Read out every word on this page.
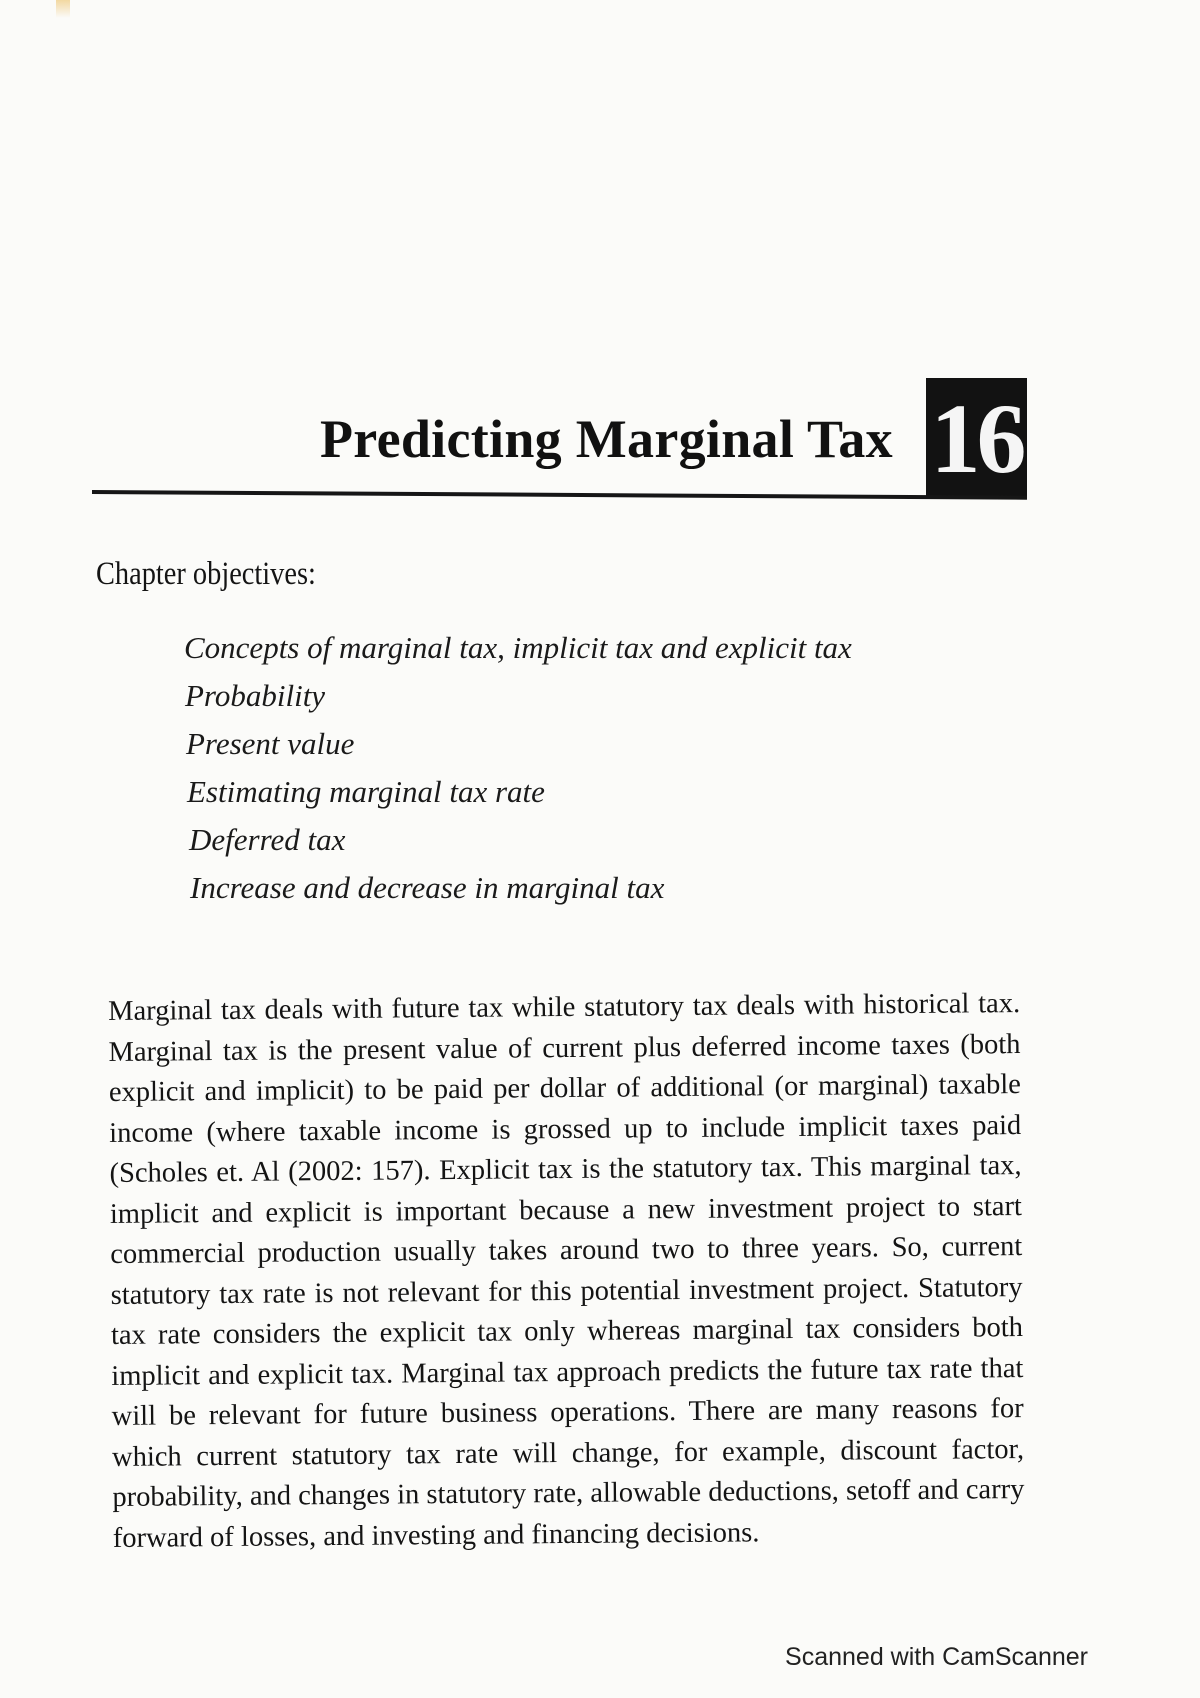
Predicting Marginal Tax 16
Chapter objectives:
Concepts of marginal tax, implicit tax and explicit tax
Probability
Present value
Estimating marginal tax rate
Deferred tax
Increase and decrease in marginal tax

Marginal tax deals with future tax while statutory tax deals with historical tax. Marginal tax is the present value of current plus deferred income taxes (both explicit and implicit) to be paid per dollar of additional (or marginal) taxable income (where taxable income is grossed up to include implicit taxes paid (Scholes et. Al (2002: 157). Explicit tax is the statutory tax. This marginal tax, implicit and explicit is important because a new investment project to start commercial production usually takes around two to three years. So, current statutory tax rate is not relevant for this potential investment project. Statutory tax rate considers the explicit tax only whereas marginal tax considers both implicit and explicit tax. Marginal tax approach predicts the future tax rate that will be relevant for future business operations. There are many reasons for which current statutory tax rate will change, for example, discount factor, probability, and changes in statutory rate, allowable deductions, setoff and carry forward of losses, and investing and financing decisions.

Scanned with CamScanner
